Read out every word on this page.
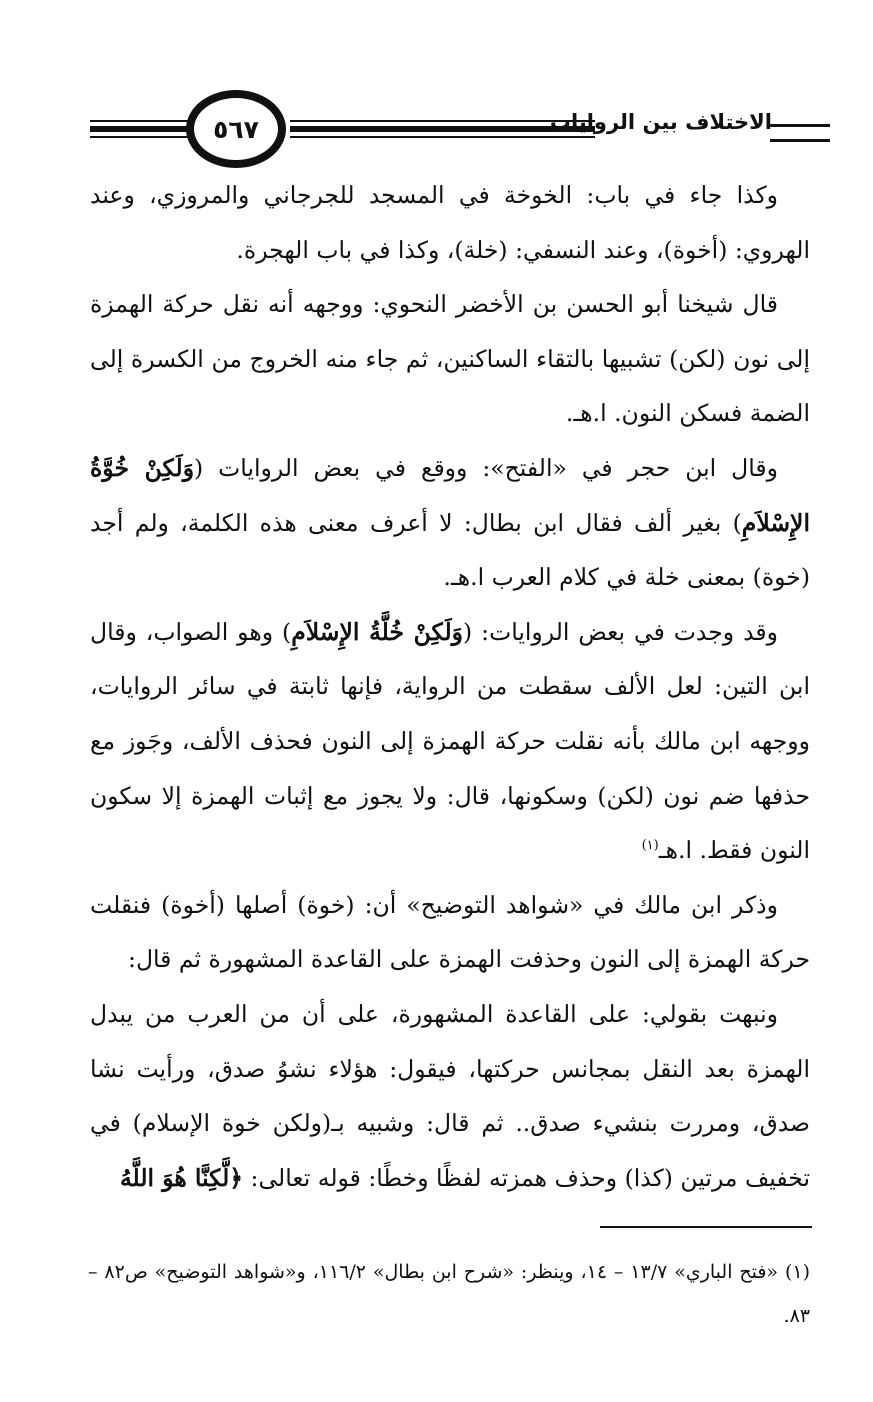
٥٦٧	الاختلاف بين الروايات

وكذا جاء في باب: الخوخة في المسجد للجرجاني والمروزي، وعند الهروي: (أخوة)، وعند النسفي: (خلة)، وكذا في باب الهجرة.

قال شيخنا أبو الحسن بن الأخضر النحوي: ووجهه أنه نقل حركة الهمزة إلى نون (لكن) تشبيها بالتقاء الساكنين، ثم جاء منه الخروج من الكسرة إلى الضمة فسكن النون. ا.هـ.

وقال ابن حجر في «الفتح»: ووقع في بعض الروايات (وَلَكِنْ خُوَّةُ الإِسْلاَمِ) بغير ألف فقال ابن بطال: لا أعرف معنى هذه الكلمة، ولم أجد (خوة) بمعنى خلة في كلام العرب ا.هـ.

وقد وجدت في بعض الروايات: (وَلَكِنْ خُلَّةُ الإِسْلاَمِ) وهو الصواب، وقال ابن التين: لعل الألف سقطت من الرواية، فإنها ثابتة في سائر الروايات، ووجهه ابن مالك بأنه نقلت حركة الهمزة إلى النون فحذف الألف، وجَوز مع حذفها ضم نون (لكن) وسكونها، قال: ولا يجوز مع إثبات الهمزة إلا سكون النون فقط. ا.هـ$^{(١)}$

وذكر ابن مالك في «شواهد التوضيح» أن: (خوة) أصلها (أخوة) فنقلت حركة الهمزة إلى النون وحذفت الهمزة على القاعدة المشهورة ثم قال:

ونبهت بقولي: على القاعدة المشهورة، على أن من العرب من يبدل الهمزة بعد النقل بمجانس حركتها، فيقول: هؤلاء نشوُ صدق، ورأيت نشا صدق، ومررت بنشيء صدق.. ثم قال: وشبيه بـ(ولكن خوة الإسلام) في تخفيف مرتين (كذا) وحذف همزته لفظًا وخطًا: قوله تعالى: ﴿لَّكِنَّا هُوَ اللَّهُ

(١) «فتح الباري» ١٣/٧ – ١٤، وينظر: «شرح ابن بطال» ١١٦/٢، و«شواهد التوضيح» ص٨٢ – ٨٣.
